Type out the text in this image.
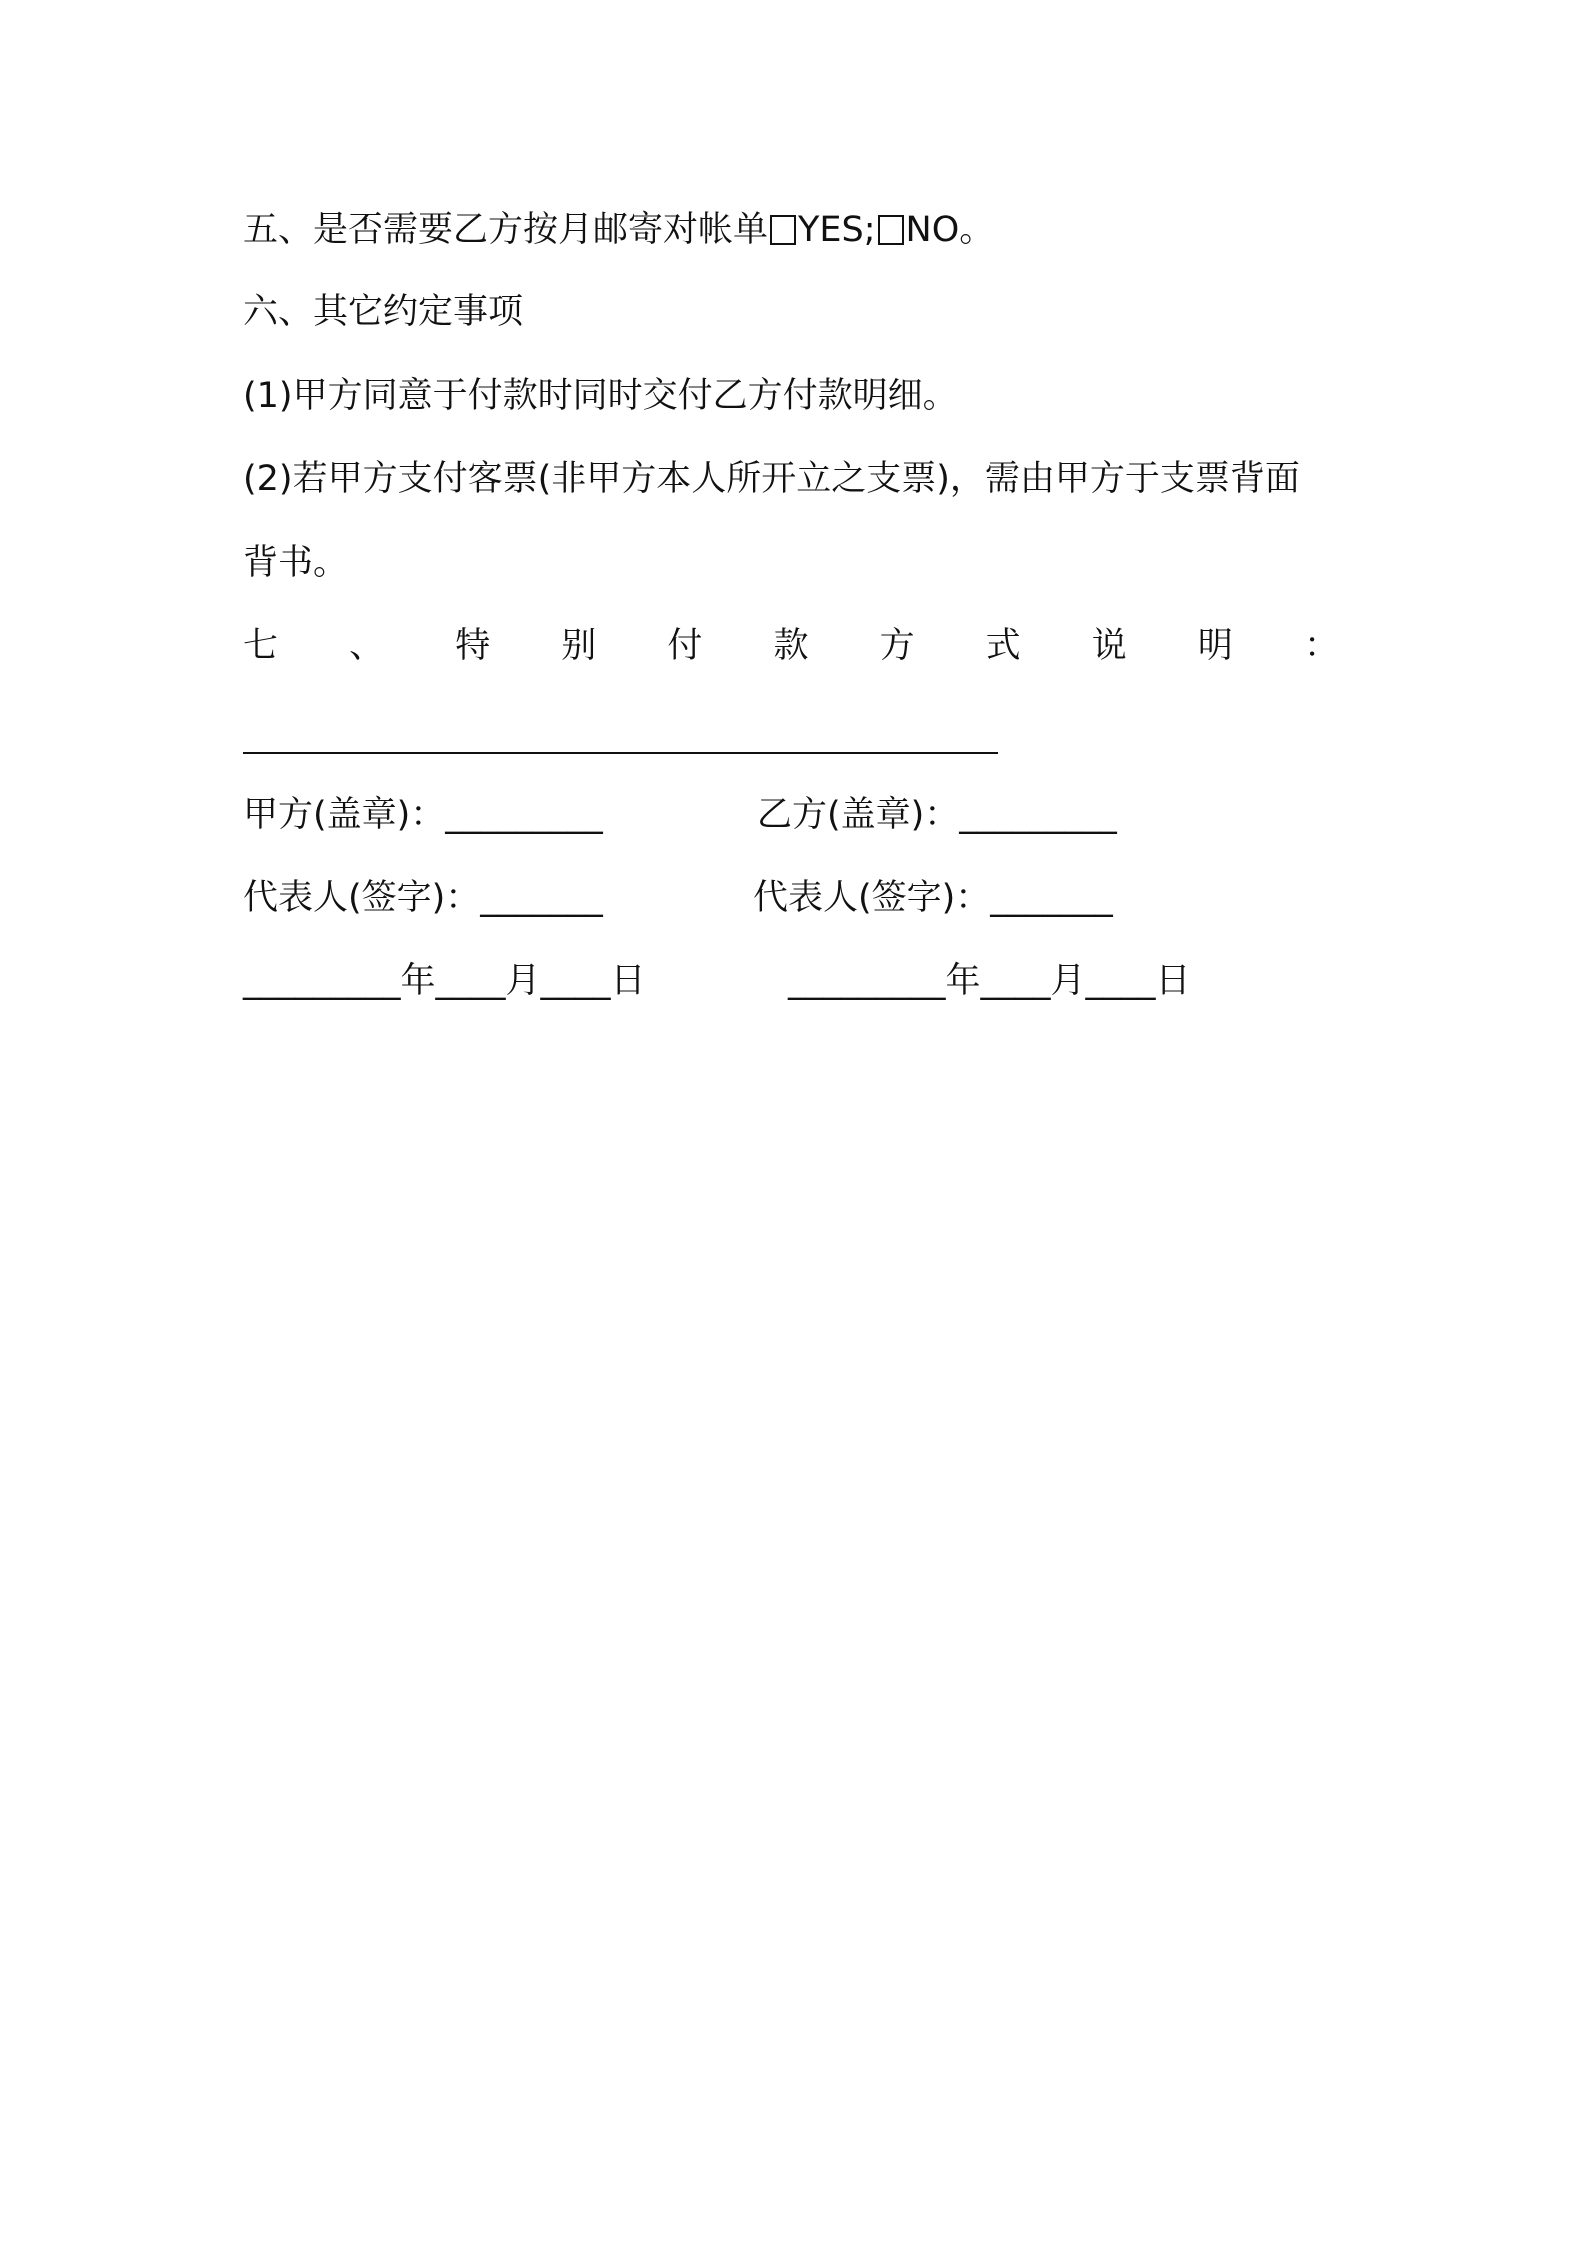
五、是否需要乙方按月邮寄对帐单 YES; NO。
六、其它约定事项
(1)甲方同意于付款时同时交付乙方付款明细。
(2)若甲方支付客票(非甲方本人所开立之支票)，需由甲方于支票背面
背书。
七 、 特 别 付 款 方 式 说 明 ：
甲方(盖章)：_________	乙方(盖章)：_________
代表人(签字)：_______	代表人(签字)：_______
_________年____月____日	_________年____月____日
